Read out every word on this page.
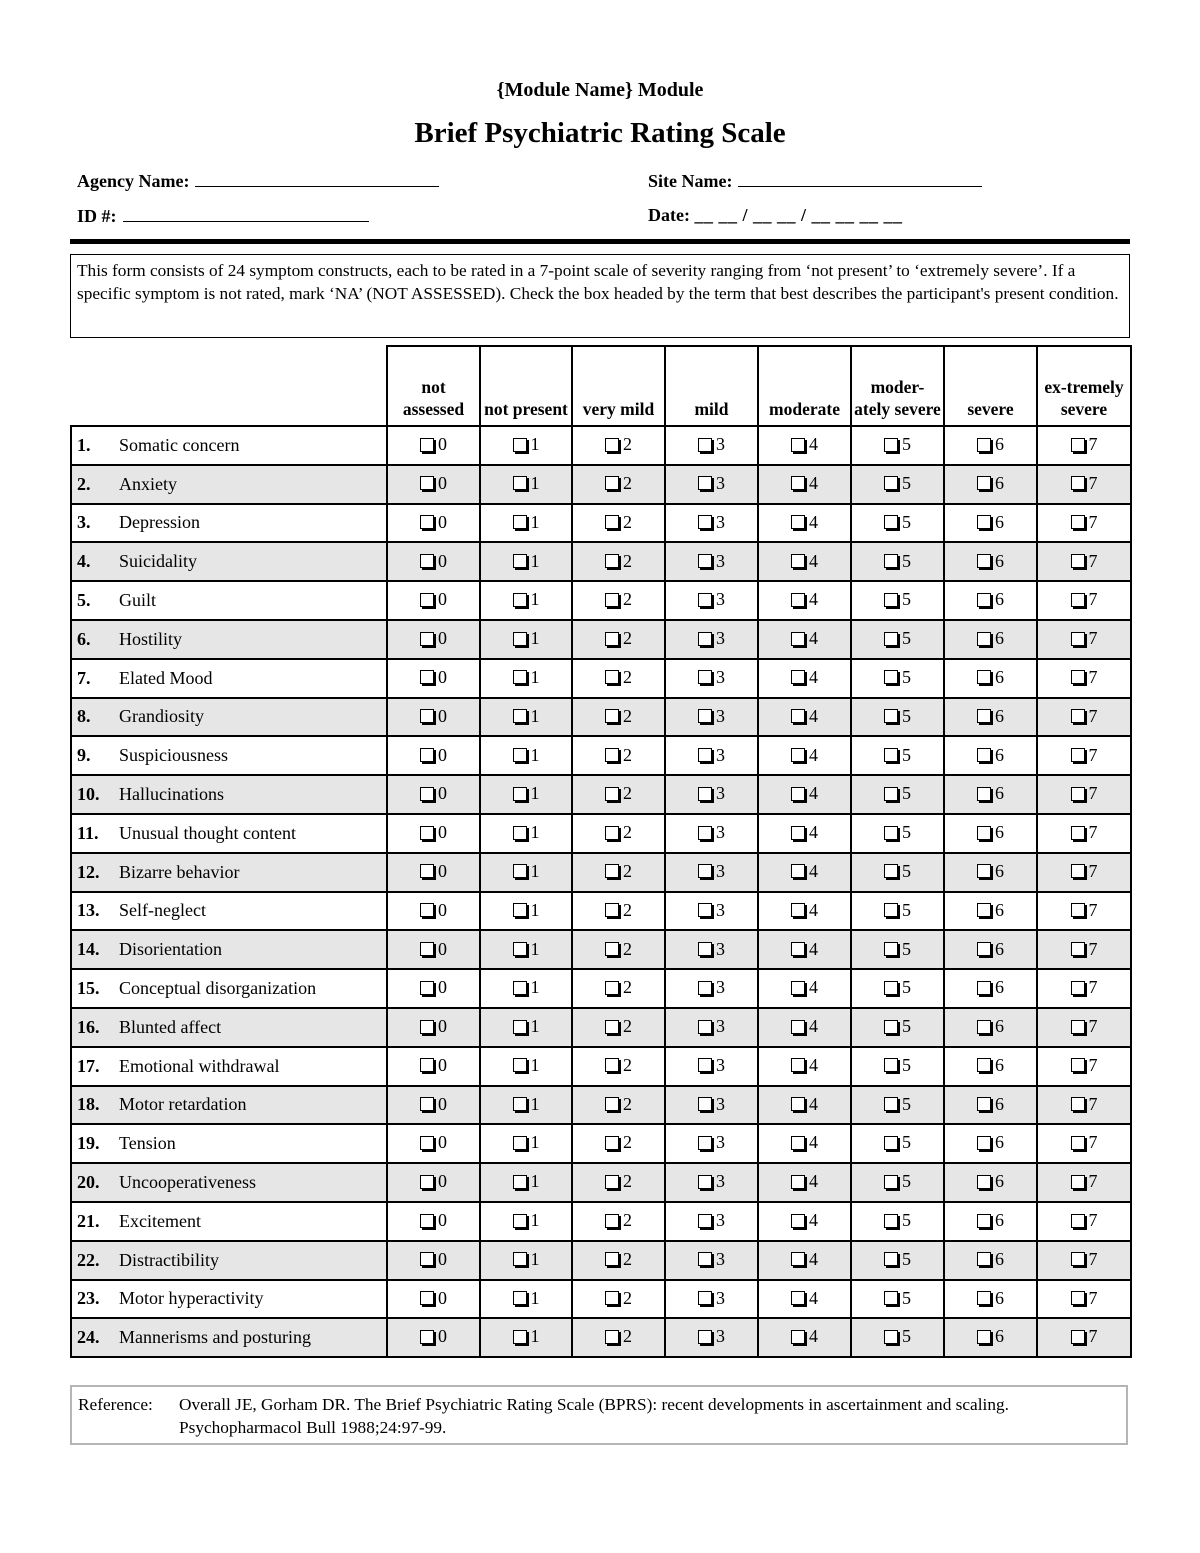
{Module Name} Module
Brief Psychiatric Rating Scale
Agency Name:	Site Name:
ID #:	Date: __ __ / __ __ / __ __ __ __
This form consists of 24 symptom constructs, each to be rated in a 7-point scale of severity ranging from ‘not present’ to ‘extremely severe’. If a specific symptom is not rated, mark ‘NA’ (NOT ASSESSED). Check the box headed by the term that best describes the participant's present condition.
	not assessed	not present	very mild	mild	moderate	moder-ately severe	severe	ex-tremely severe
1. Somatic concern	0	1	2	3	4	5	6	7

2. Anxiety	0	1	2	3	4	5	6	7

3. Depression	0	1	2	3	4	5	6	7

4. Suicidality	0	1	2	3	4	5	6	7

5. Guilt	0	1	2	3	4	5	6	7

6. Hostility	0	1	2	3	4	5	6	7

7. Elated Mood	0	1	2	3	4	5	6	7

8. Grandiosity	0	1	2	3	4	5	6	7

9. Suspiciousness	0	1	2	3	4	5	6	7

10. Hallucinations	0	1	2	3	4	5	6	7

11. Unusual thought content	0	1	2	3	4	5	6	7

12. Bizarre behavior	0	1	2	3	4	5	6	7

13. Self-neglect	0	1	2	3	4	5	6	7

14. Disorientation	0	1	2	3	4	5	6	7

15. Conceptual disorganization	0	1	2	3	4	5	6	7

16. Blunted affect	0	1	2	3	4	5	6	7

17. Emotional withdrawal	0	1	2	3	4	5	6	7

18. Motor retardation	0	1	2	3	4	5	6	7

19. Tension	0	1	2	3	4	5	6	7

20. Uncooperativeness	0	1	2	3	4	5	6	7

21. Excitement	0	1	2	3	4	5	6	7

22. Distractibility	0	1	2	3	4	5	6	7

23. Motor hyperactivity	0	1	2	3	4	5	6	7

24. Mannerisms and posturing	0	1	2	3	4	5	6	7
Reference: Overall JE, Gorham DR. The Brief Psychiatric Rating Scale (BPRS): recent developments in ascertainment and scaling. Psychopharmacol Bull 1988;24:97-99.
